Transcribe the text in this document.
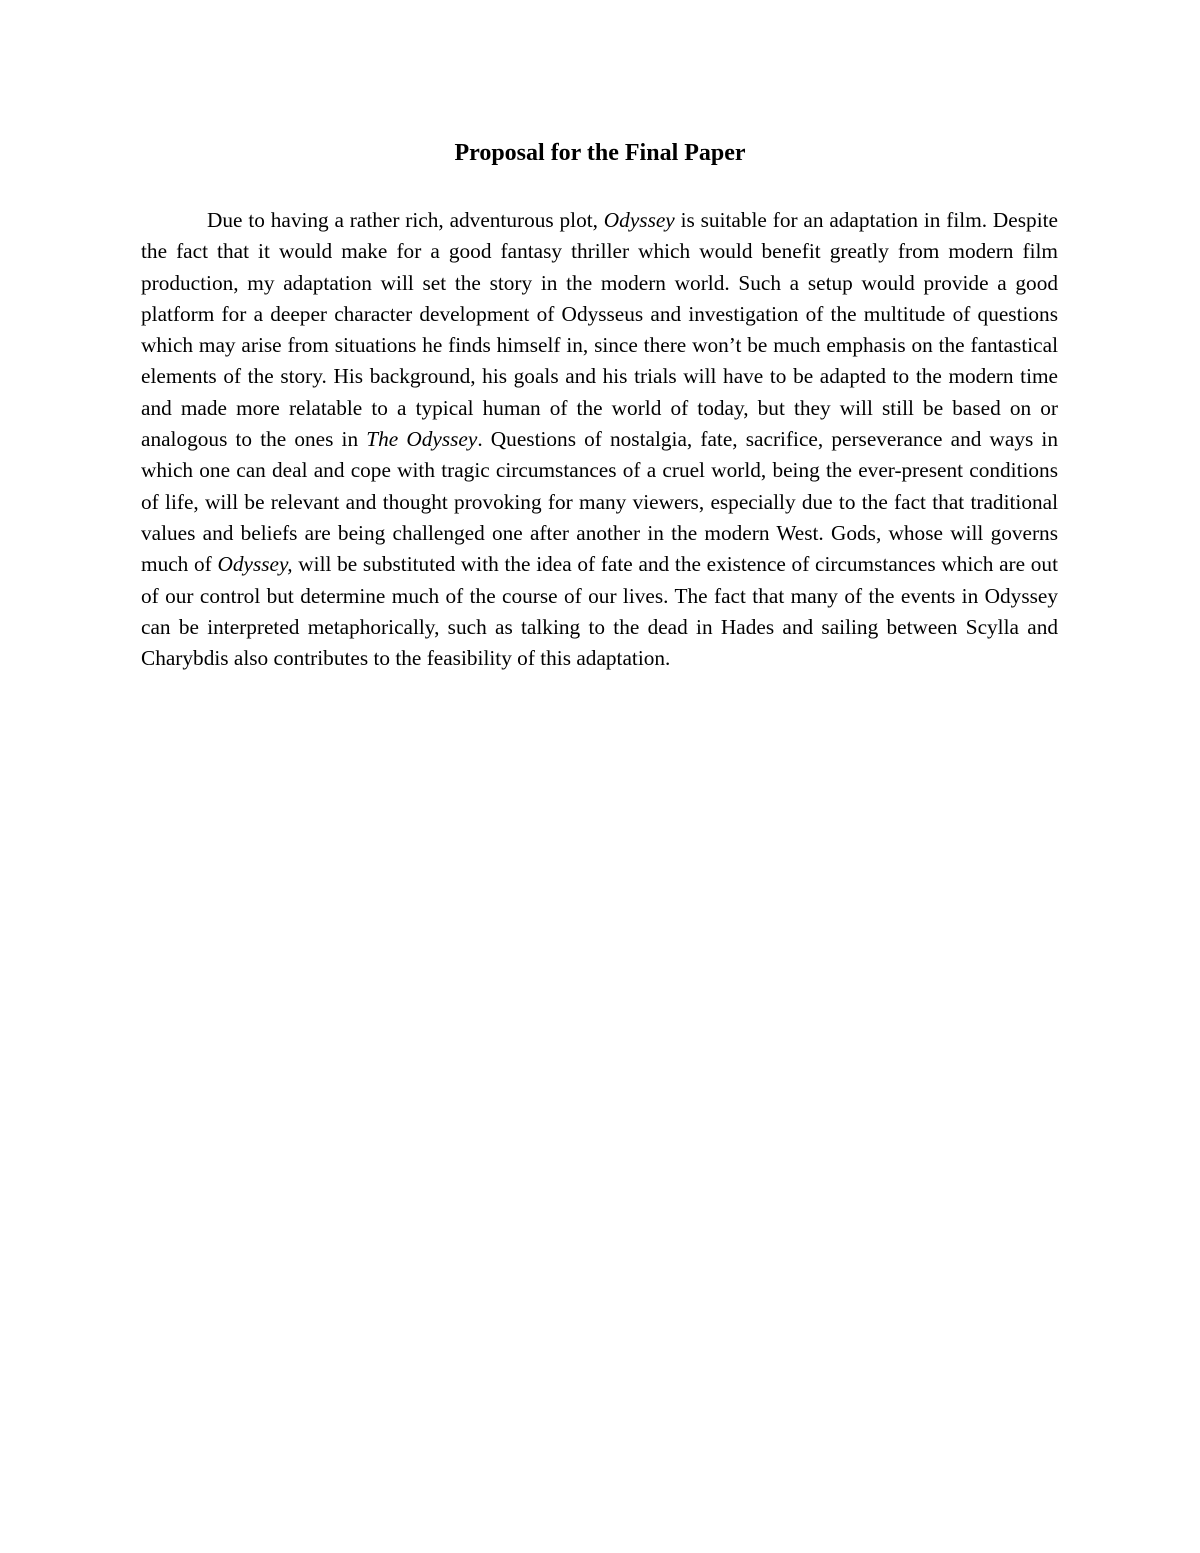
Proposal for the Final Paper

Due to having a rather rich, adventurous plot, Odyssey is suitable for an adaptation in film. Despite the fact that it would make for a good fantasy thriller which would benefit greatly from modern film production, my adaptation will set the story in the modern world. Such a setup would provide a good platform for a deeper character development of Odysseus and investigation of the multitude of questions which may arise from situations he finds himself in, since there won’t be much emphasis on the fantastical elements of the story. His background, his goals and his trials will have to be adapted to the modern time and made more relatable to a typical human of the world of today, but they will still be based on or analogous to the ones in The Odyssey. Questions of nostalgia, fate, sacrifice, perseverance and ways in which one can deal and cope with tragic circumstances of a cruel world, being the ever-present conditions of life, will be relevant and thought provoking for many viewers, especially due to the fact that traditional values and beliefs are being challenged one after another in the modern West. Gods, whose will governs much of Odyssey, will be substituted with the idea of fate and the existence of circumstances which are out of our control but determine much of the course of our lives. The fact that many of the events in Odyssey can be interpreted metaphorically, such as talking to the dead in Hades and sailing between Scylla and Charybdis also contributes to the feasibility of this adaptation.
